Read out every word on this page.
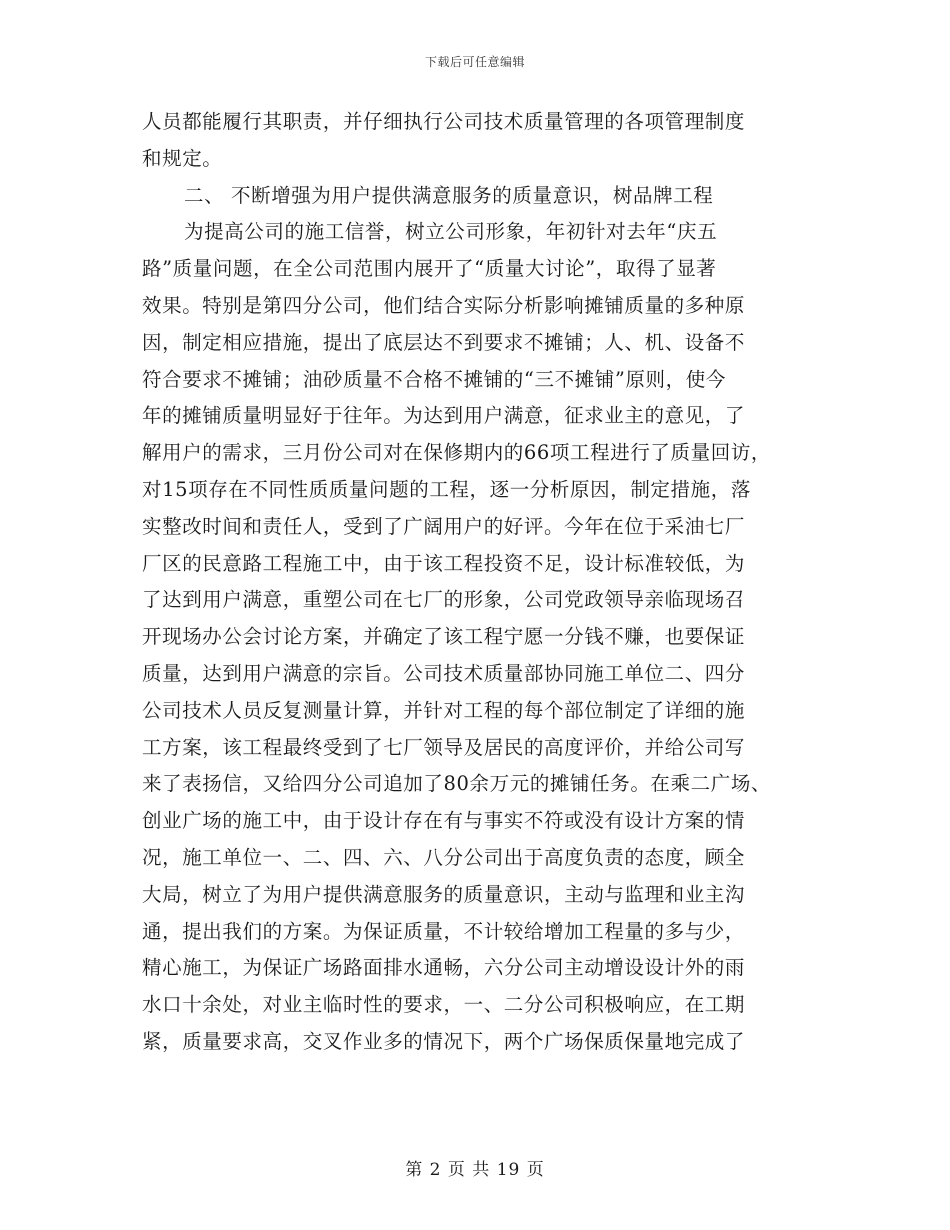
下载后可任意编辑
人员都能履行其职责，并仔细执行公司技术质量管理的各项管理制度
和规定。
二、 不断增强为用户提供满意服务的质量意识，树品牌工程
为提高公司的施工信誉，树立公司形象，年初针对去年“庆五
路”质量问题，在全公司范围内展开了“质量大讨论”，取得了显著
效果。特别是第四分公司，他们结合实际分析影响摊铺质量的多种原
因，制定相应措施，提出了底层达不到要求不摊铺；人、机、设备不
符合要求不摊铺；油砂质量不合格不摊铺的“三不摊铺”原则，使今
年的摊铺质量明显好于往年。为达到用户满意，征求业主的意见，了
解用户的需求，三月份公司对在保修期内的66项工程进行了质量回访，
对15项存在不同性质质量问题的工程，逐一分析原因，制定措施，落
实整改时间和责任人，受到了广阔用户的好评。今年在位于采油七厂
厂区的民意路工程施工中，由于该工程投资不足，设计标准较低，为
了达到用户满意，重塑公司在七厂的形象，公司党政领导亲临现场召
开现场办公会讨论方案，并确定了该工程宁愿一分钱不赚，也要保证
质量，达到用户满意的宗旨。公司技术质量部协同施工单位二、四分
公司技术人员反复测量计算，并针对工程的每个部位制定了详细的施
工方案，该工程最终受到了七厂领导及居民的高度评价，并给公司写
来了表扬信，又给四分公司追加了80余万元的摊铺任务。在乘二广场、
创业广场的施工中，由于设计存在有与事实不符或没有设计方案的情
况，施工单位一、二、四、六、八分公司出于高度负责的态度，顾全
大局，树立了为用户提供满意服务的质量意识，主动与监理和业主沟
通，提出我们的方案。为保证质量，不计较给增加工程量的多与少，
精心施工，为保证广场路面排水通畅，六分公司主动增设设计外的雨
水口十余处，对业主临时性的要求，一、二分公司积极响应，在工期
紧，质量要求高，交叉作业多的情况下，两个广场保质保量地完成了
第 2 页 共 19 页
